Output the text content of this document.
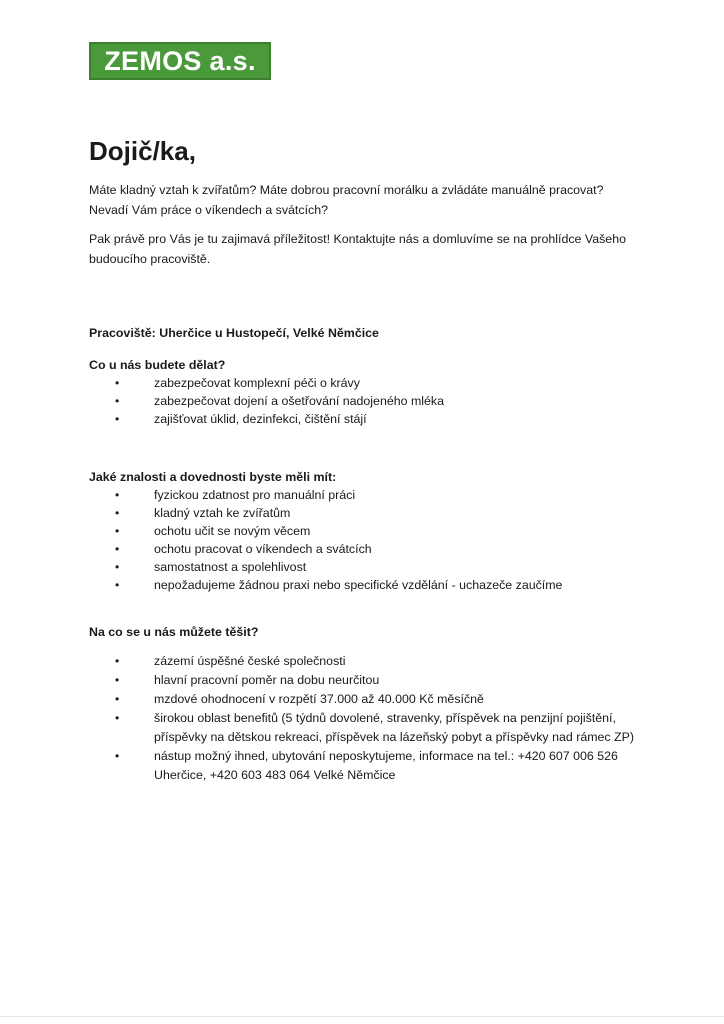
ZEMOS a.s.
Dojič/ka,

Máte kladný vztah k zvířatům? Máte dobrou pracovní morálku a zvládáte manuálně pracovat?
Nevadí Vám práce o víkendech a svátcích?

Pak právě pro Vás je tu zajimavá příležitost! Kontaktujte nás a domluvíme se na prohlídce Vašeho
budoucího pracoviště.

Pracoviště: Uherčice u Hustopečí, Velké Němčice

Co u nás budete dělat?

•	zabezpečovat komplexní péči o krávy
•	zabezpečovat dojení a ošetřování nadojeného mléka
•	zajišťovat úklid, dezinfekci, čištění stájí

Jaké znalosti a dovednosti byste měli mít:

•	fyzickou zdatnost pro manuální práci
•	kladný vztah ke zvířatům
•	ochotu učit se novým věcem
•	ochotu pracovat o víkendech a svátcích
•	samostatnost a spolehlivost
•	nepožadujeme žádnou praxi nebo specifické vzdělání - uchazeče zaučíme

Na co se u nás můžete těšit?

•	zázemí úspěšné české společnosti
•	hlavní pracovní poměr na dobu neurčitou
•	mzdové ohodnocení v rozpětí 37.000 až 40.000 Kč měsíčně
•	širokou oblast benefitů (5 týdnů dovolené, stravenky, příspěvek na penzijní pojištění,
příspěvky na dětskou rekreaci, příspěvek na lázeňský pobyt a příspěvky nad rámec ZP)
•	nástup možný ihned, ubytování neposkytujeme, informace na tel.: +420 607 006 526
Uherčice, +420 603 483 064 Velké Němčice
